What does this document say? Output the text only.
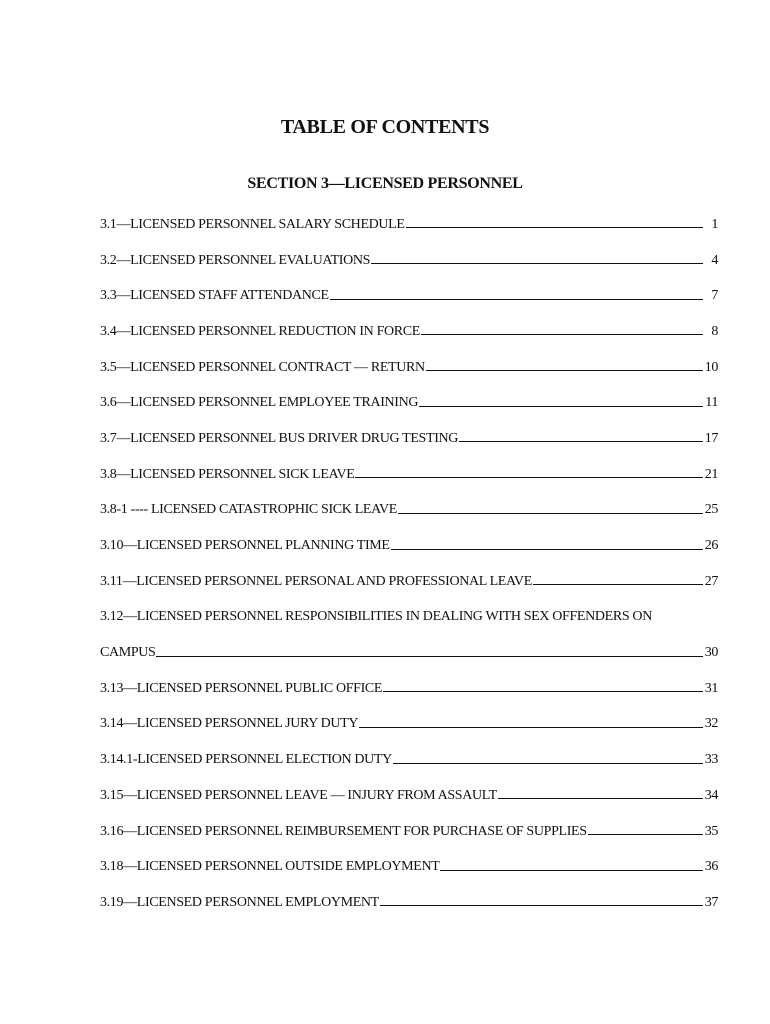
TABLE OF CONTENTS
SECTION 3—LICENSED PERSONNEL
3.1—LICENSED PERSONNEL SALARY SCHEDULE	1
3.2—LICENSED PERSONNEL EVALUATIONS	4
3.3—LICENSED STAFF ATTENDANCE	7
3.4—LICENSED PERSONNEL REDUCTION IN FORCE	8
3.5—LICENSED PERSONNEL CONTRACT — RETURN	10
3.6—LICENSED PERSONNEL EMPLOYEE TRAINING	11
3.7—LICENSED PERSONNEL BUS DRIVER DRUG TESTING	17
3.8—LICENSED PERSONNEL SICK LEAVE	21
3.8-1 ---- LICENSED CATASTROPHIC SICK LEAVE	25
3.10—LICENSED PERSONNEL PLANNING TIME	26
3.11—LICENSED PERSONNEL PERSONAL AND PROFESSIONAL LEAVE	27
3.12—LICENSED PERSONNEL RESPONSIBILITIES IN DEALING WITH SEX OFFENDERS ON
CAMPUS	30
3.13—LICENSED PERSONNEL PUBLIC OFFICE	31
3.14—LICENSED PERSONNEL JURY DUTY	32
3.14.1-LICENSED PERSONNEL ELECTION DUTY	33
3.15—LICENSED PERSONNEL LEAVE — INJURY FROM ASSAULT	34
3.16—LICENSED PERSONNEL REIMBURSEMENT FOR PURCHASE OF SUPPLIES	35
3.18—LICENSED PERSONNEL OUTSIDE EMPLOYMENT	36
3.19—LICENSED PERSONNEL EMPLOYMENT	37
